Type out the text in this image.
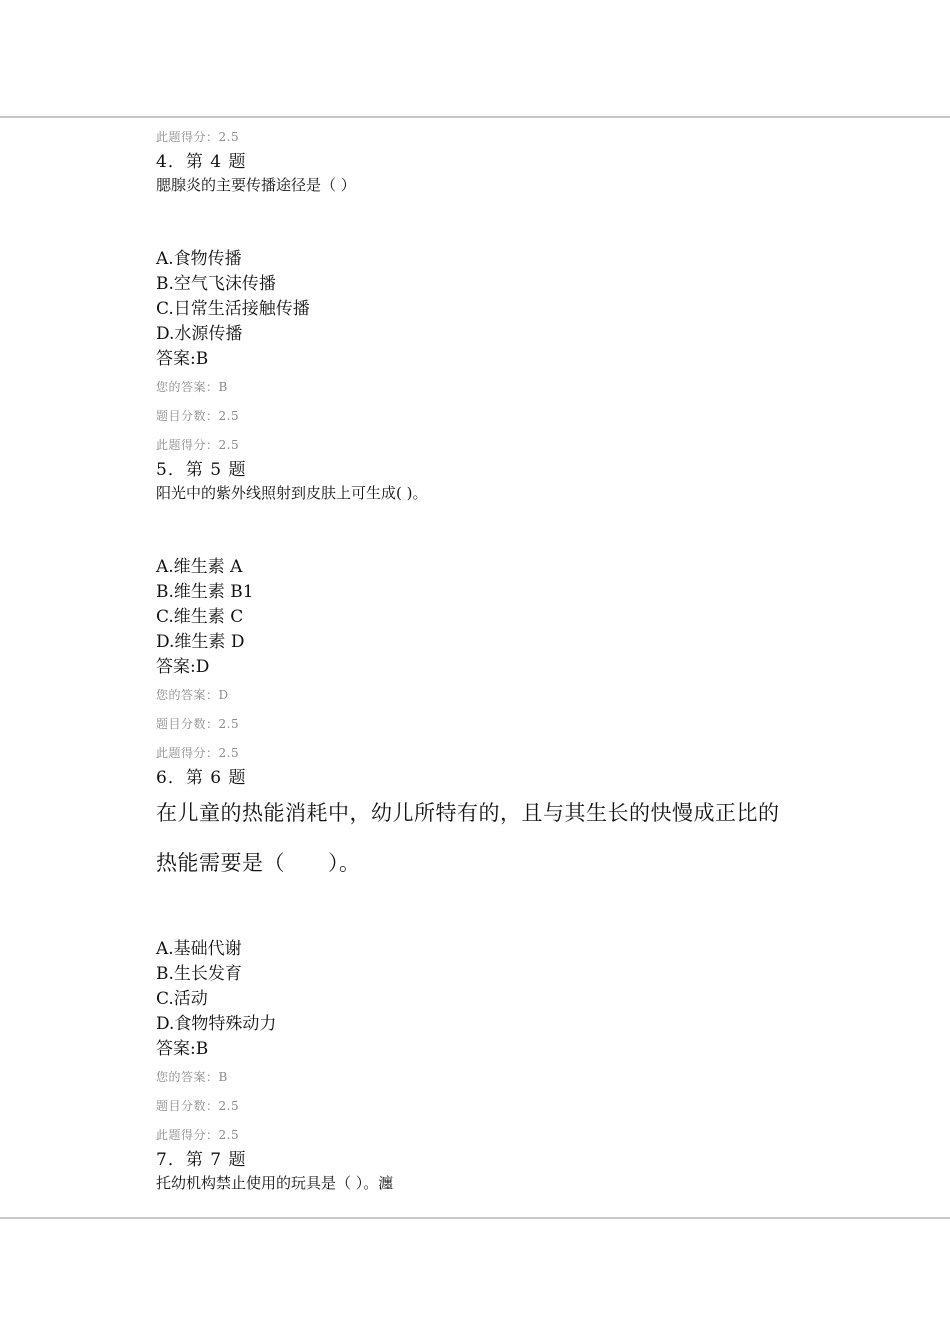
此题得分：2.5
4．第 4 题
腮腺炎的主要传播途径是（ ）
A.食物传播
B.空气飞沫传播
C.日常生活接触传播
D.水源传播
答案:B
您的答案：B
题目分数：2.5
此题得分：2.5
5．第 5 题
阳光中的紫外线照射到皮肤上可生成( )。
A.维生素 A
B.维生素 B1
C.维生素 C
D.维生素 D
答案:D
您的答案：D
题目分数：2.5
此题得分：2.5
6．第 6 题
在儿童的热能消耗中，幼儿所特有的，且与其生长的快慢成正比的
热能需要是（　　）。
A.基础代谢
B.生长发育
C.活动
D.食物特殊动力
答案:B
您的答案：B
题目分数：2.5
此题得分：2.5
7．第 7 题
托幼机构禁止使用的玩具是（ ）。瀍
